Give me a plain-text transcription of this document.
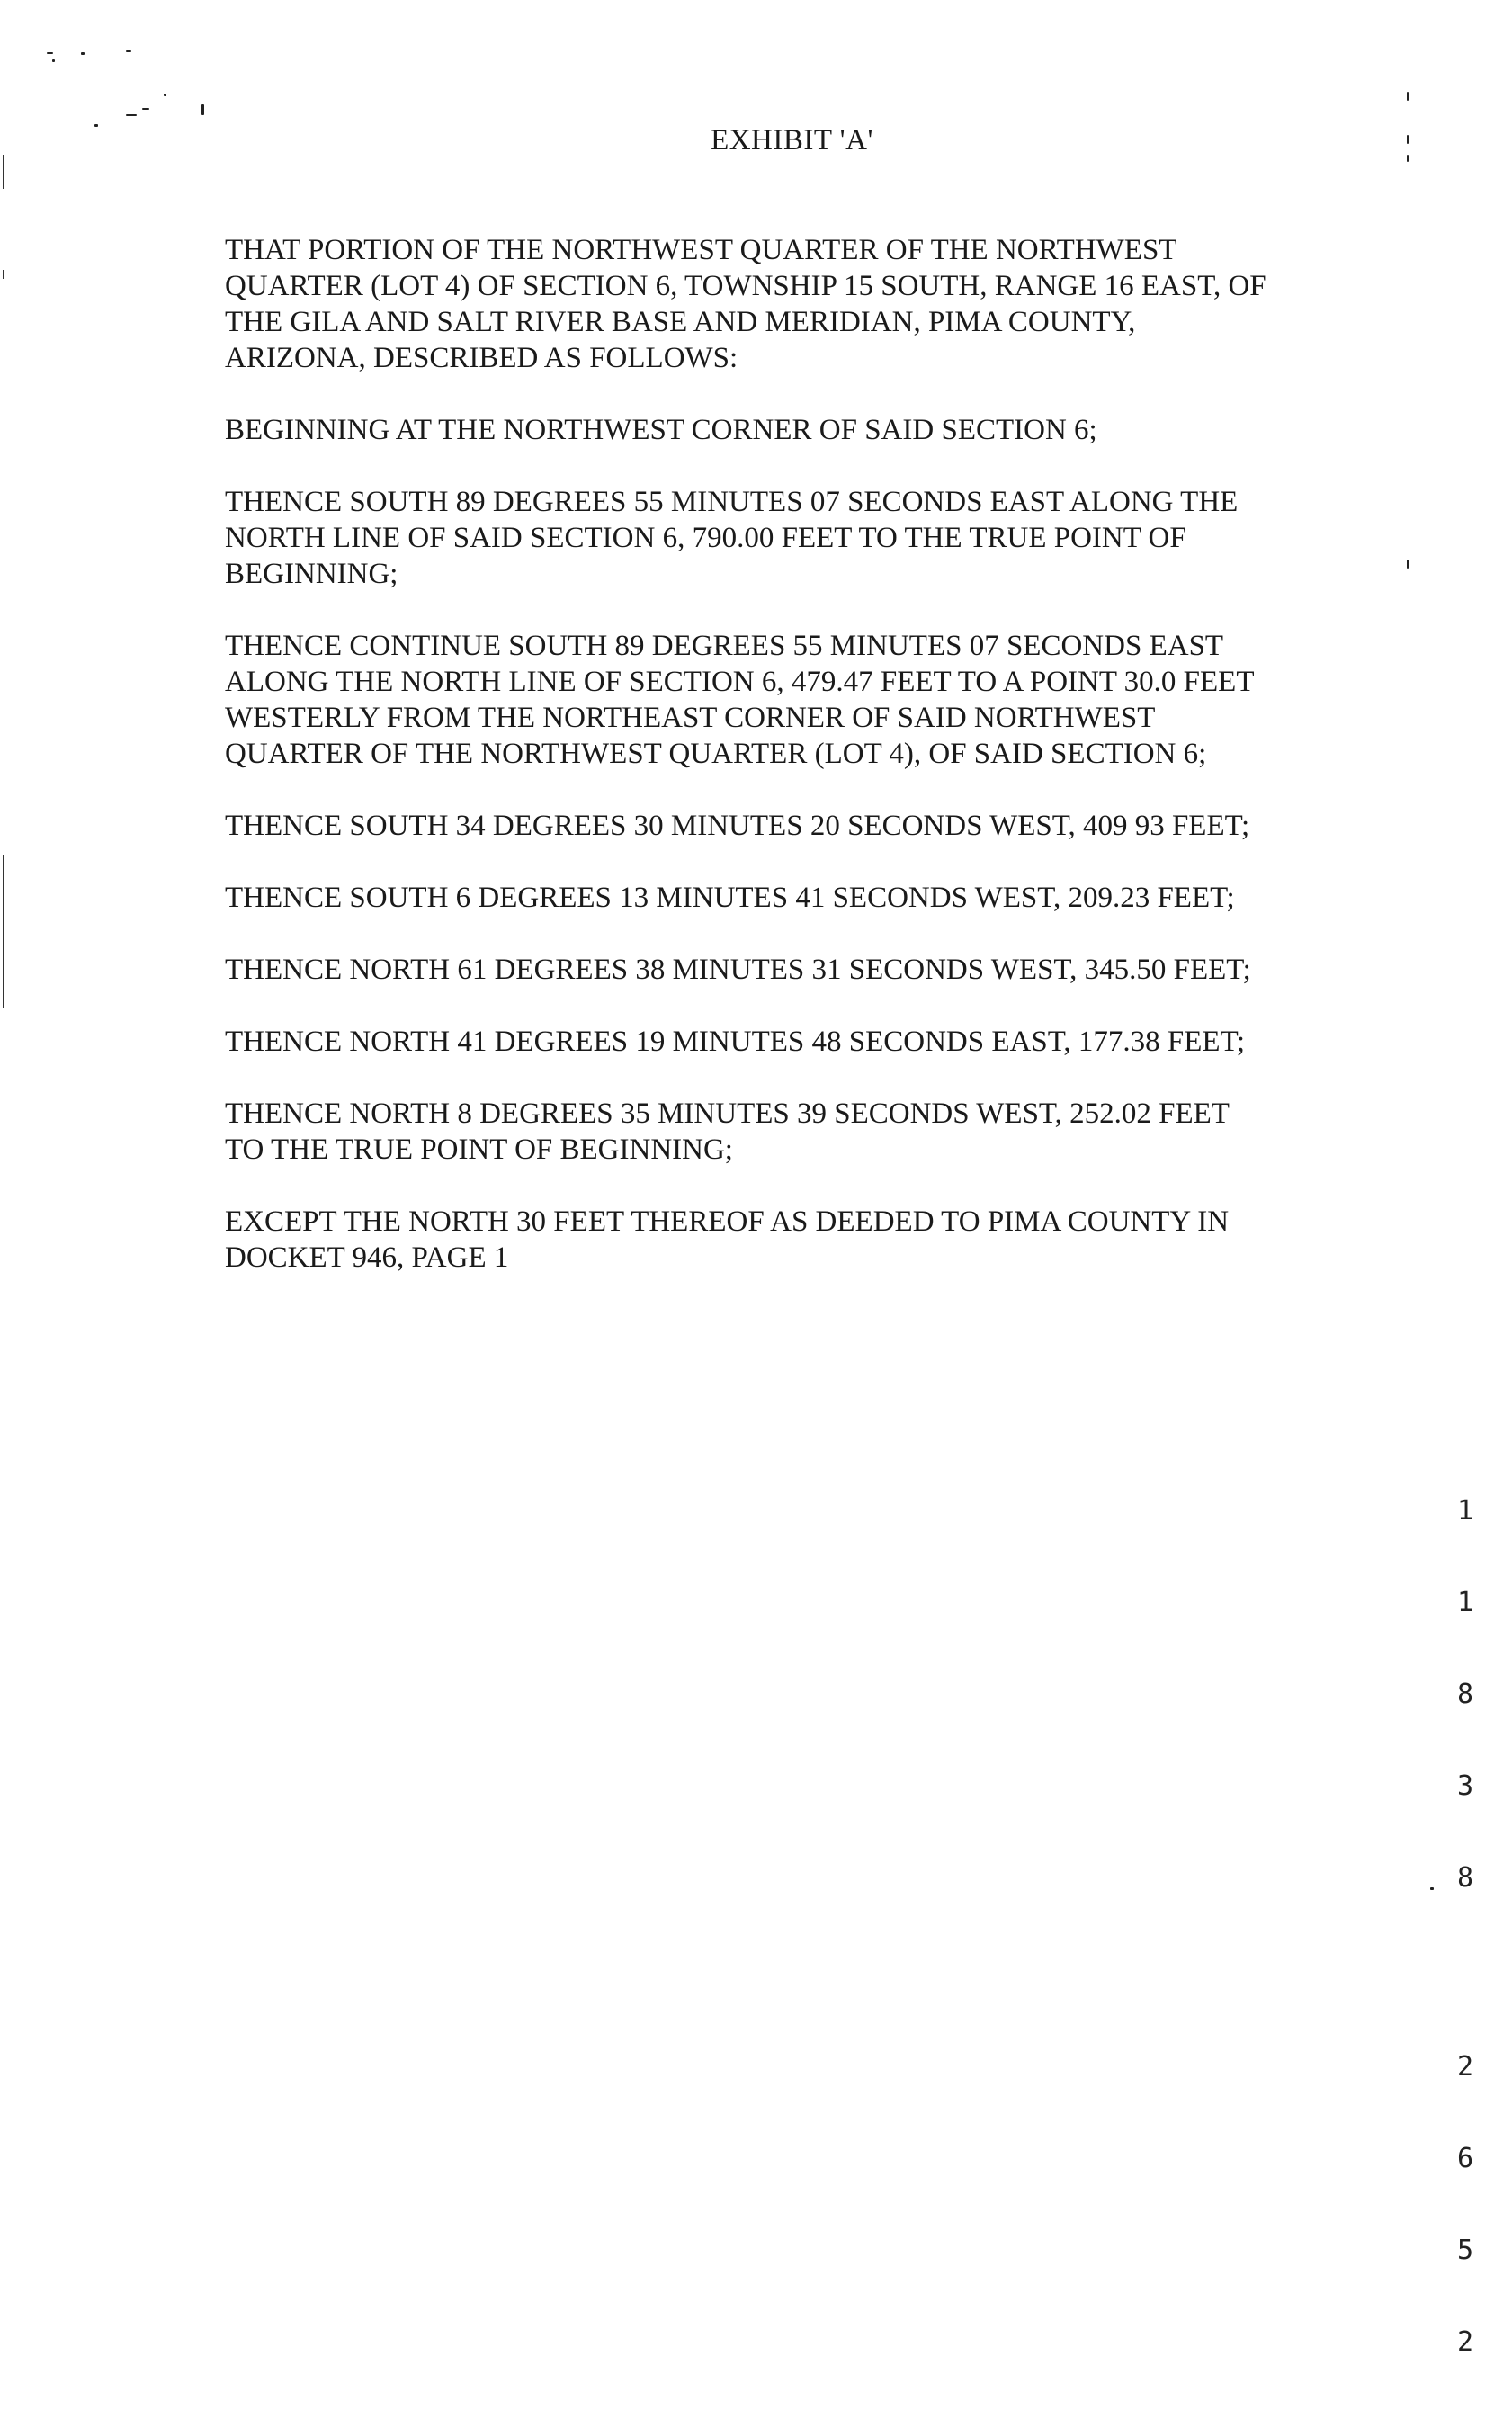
EXHIBIT 'A'

THAT PORTION OF THE NORTHWEST QUARTER OF THE NORTHWEST
QUARTER (LOT 4) OF SECTION 6, TOWNSHIP 15 SOUTH, RANGE 16 EAST, OF
THE GILA AND SALT RIVER BASE AND MERIDIAN, PIMA COUNTY,
ARIZONA, DESCRIBED AS FOLLOWS:

BEGINNING AT THE NORTHWEST CORNER OF SAID SECTION 6;

THENCE SOUTH 89 DEGREES 55 MINUTES 07 SECONDS EAST ALONG THE
NORTH LINE OF SAID SECTION 6, 790.00 FEET TO THE TRUE POINT OF
BEGINNING;

THENCE CONTINUE SOUTH 89 DEGREES 55 MINUTES 07 SECONDS EAST
ALONG THE NORTH LINE OF SECTION 6, 479.47 FEET TO A POINT 30.0 FEET
WESTERLY FROM THE NORTHEAST CORNER OF SAID NORTHWEST
QUARTER OF THE NORTHWEST QUARTER (LOT 4), OF SAID SECTION 6;

THENCE SOUTH 34 DEGREES 30 MINUTES 20 SECONDS WEST, 409 93 FEET;

THENCE SOUTH 6 DEGREES 13 MINUTES 41 SECONDS WEST, 209.23 FEET;

THENCE NORTH 61 DEGREES 38 MINUTES 31 SECONDS WEST, 345.50 FEET;

THENCE NORTH 41 DEGREES 19 MINUTES 48 SECONDS EAST, 177.38 FEET;

THENCE NORTH 8 DEGREES 35 MINUTES 39 SECONDS WEST, 252.02 FEET
TO THE TRUE POINT OF BEGINNING;

EXCEPT THE NORTH 30 FEET THEREOF AS DEEDED TO PIMA COUNTY IN
DOCKET 946, PAGE 1

1

1

8

3

8

2

6

5

2
